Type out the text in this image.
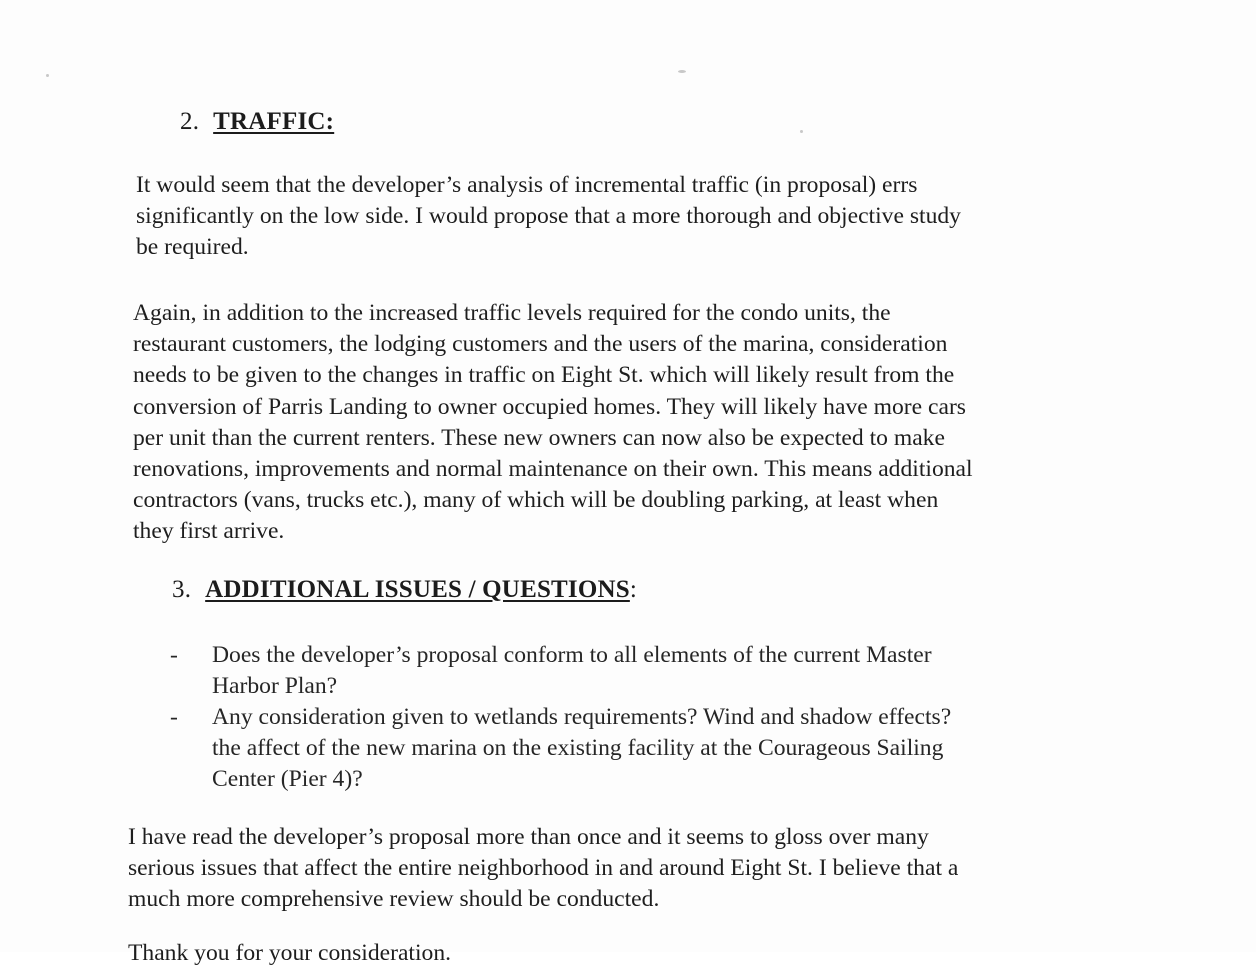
2. TRAFFIC:

It would seem that the developer’s analysis of incremental traffic (in proposal) errs
significantly on the low side. I would propose that a more thorough and objective study
be required.

Again, in addition to the increased traffic levels required for the condo units, the
restaurant customers, the lodging customers and the users of the marina, consideration
needs to be given to the changes in traffic on Eight St. which will likely result from the
conversion of Parris Landing to owner occupied homes. They will likely have more cars
per unit than the current renters. These new owners can now also be expected to make
renovations, improvements and normal maintenance on their own. This means additional
contractors (vans, trucks etc.), many of which will be doubling parking, at least when
they first arrive.

3. ADDITIONAL ISSUES / QUESTIONS:
- Does the developer’s proposal conform to all elements of the current Master
Harbor Plan?
- Any consideration given to wetlands requirements? Wind and shadow effects?
the affect of the new marina on the existing facility at the Courageous Sailing
Center (Pier 4)?

I have read the developer’s proposal more than once and it seems to gloss over many
serious issues that affect the entire neighborhood in and around Eight St. I believe that a
much more comprehensive review should be conducted.

Thank you for your consideration.
